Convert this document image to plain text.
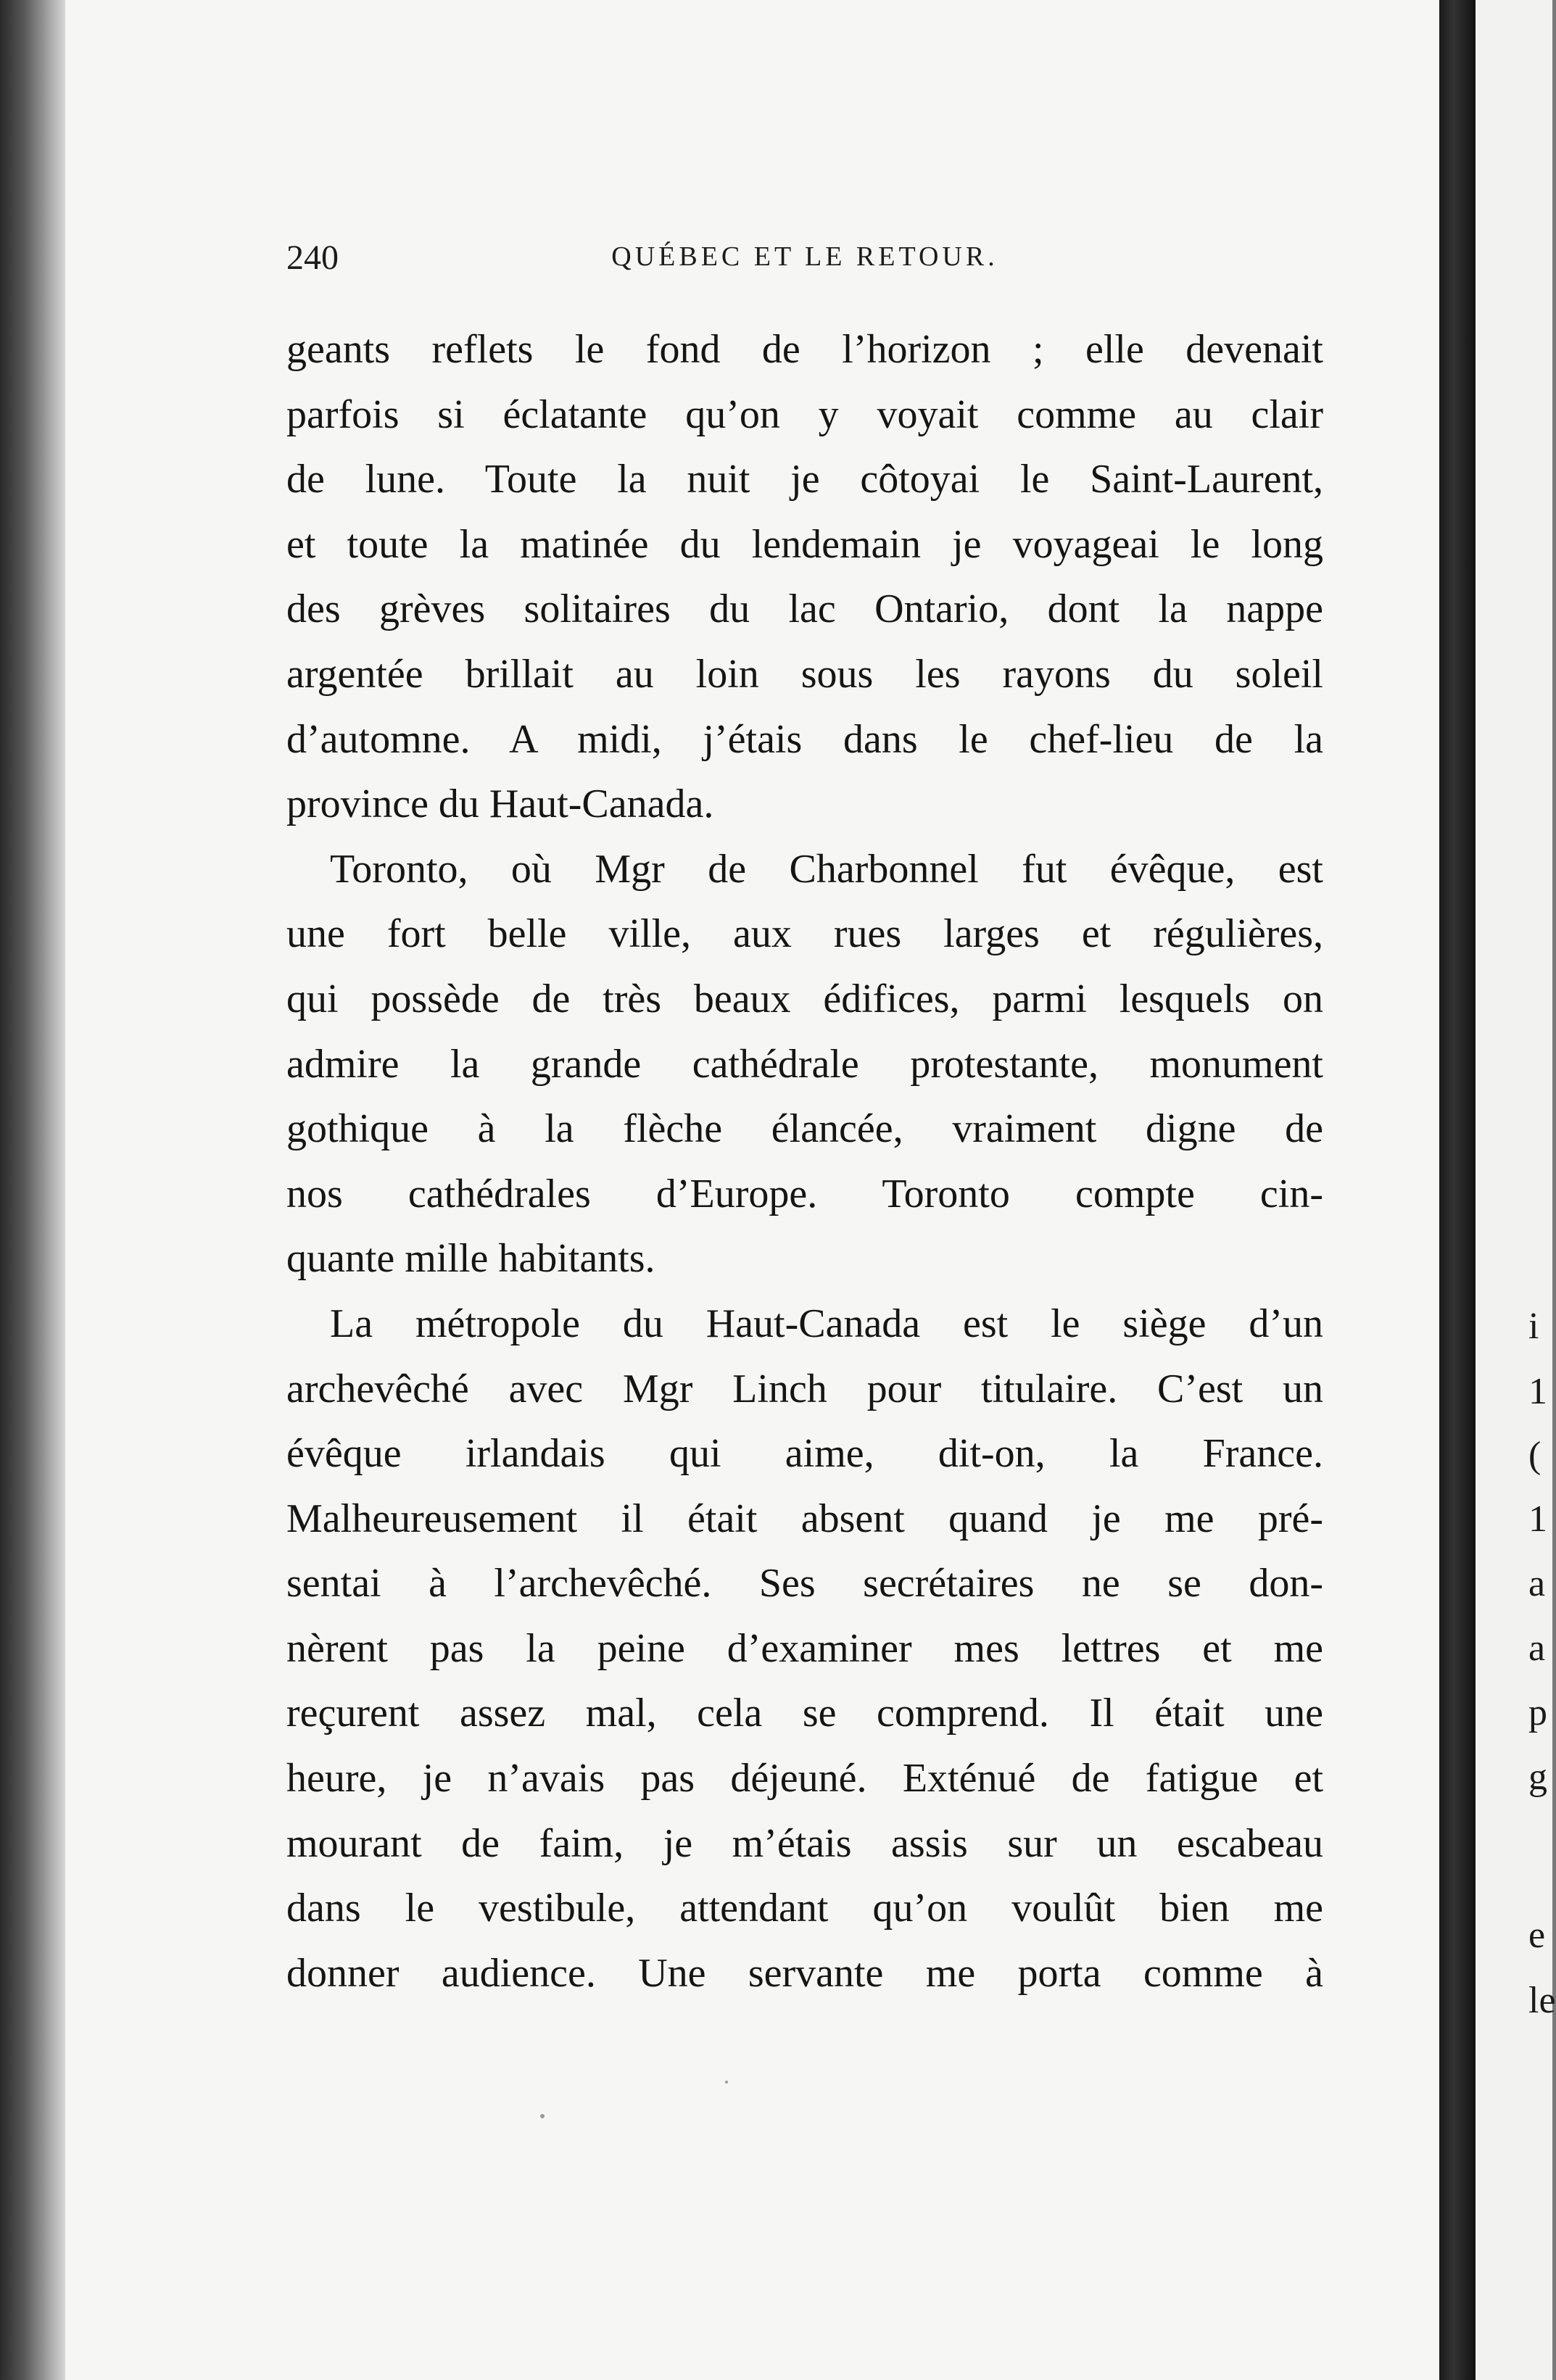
240	QUÉBEC ET LE RETOUR.
geants reflets le fond de l’horizon ; elle devenait
parfois si éclatante qu’on y voyait comme au clair
de lune. Toute la nuit je côtoyai le Saint-Laurent,
et toute la matinée du lendemain je voyageai le long
des grèves solitaires du lac Ontario, dont la nappe
argentée brillait au loin sous les rayons du soleil
d’automne. A midi, j’étais dans le chef-lieu de la
province du Haut-Canada.
Toronto, où Mgr de Charbonnel fut évêque, est
une fort belle ville, aux rues larges et régulières,
qui possède de très beaux édifices, parmi lesquels on
admire la grande cathédrale protestante, monument
gothique à la flèche élancée, vraiment digne de
nos cathédrales d’Europe. Toronto compte cin-
quante mille habitants.
La métropole du Haut-Canada est le siège d’un
archevêché avec Mgr Linch pour titulaire. C’est un
évêque irlandais qui aime, dit-on, la France.
Malheureusement il était absent quand je me pré-
sentai à l’archevêché. Ses secrétaires ne se don-
nèrent pas la peine d’examiner mes lettres et me
reçurent assez mal, cela se comprend. Il était une
heure, je n’avais pas déjeuné. Exténué de fatigue et
mourant de faim, je m’étais assis sur un escabeau
dans le vestibule, attendant qu’on voulût bien me
donner audience. Une servante me porta comme à
i
1
(
1
a
a
p
g
e
le
